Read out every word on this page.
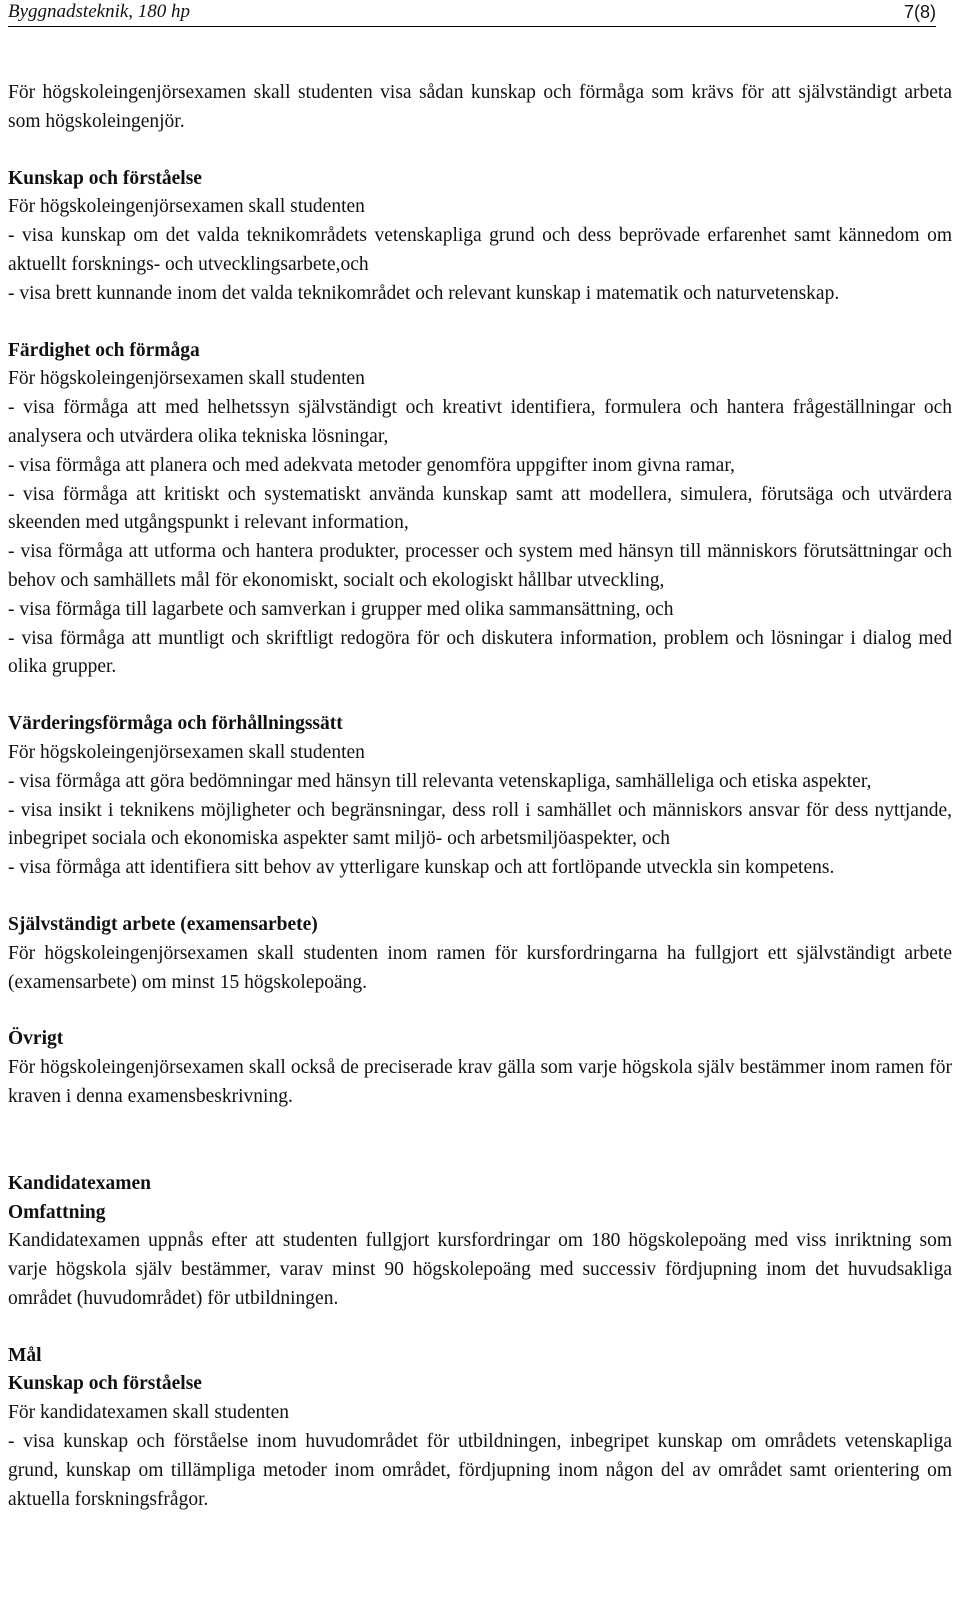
Byggnadsteknik, 180 hp	7(8)

För högskoleingenjörsexamen skall studenten visa sådan kunskap och förmåga som krävs för att självständigt arbeta som högskoleingenjör.

Kunskap och förståelse

För högskoleingenjörsexamen skall studenten

- visa kunskap om det valda teknikområdets vetenskapliga grund och dess beprövade erfarenhet samt kännedom om aktuellt forsknings- och utvecklingsarbete,och

- visa brett kunnande inom det valda teknikområdet och relevant kunskap i matematik och naturvetenskap.

Färdighet och förmåga

För högskoleingenjörsexamen skall studenten

- visa förmåga att med helhetssyn självständigt och kreativt identifiera, formulera och hantera frågeställningar och analysera och utvärdera olika tekniska lösningar,

- visa förmåga att planera och med adekvata metoder genomföra uppgifter inom givna ramar,

- visa förmåga att kritiskt och systematiskt använda kunskap samt att modellera, simulera, förutsäga och utvärdera skeenden med utgångspunkt i relevant information,

- visa förmåga att utforma och hantera produkter, processer och system med hänsyn till människors förutsättningar och behov och samhällets mål för ekonomiskt, socialt och ekologiskt hållbar utveckling,

- visa förmåga till lagarbete och samverkan i grupper med olika sammansättning, och

- visa förmåga att muntligt och skriftligt redogöra för och diskutera information, problem och lösningar i dialog med olika grupper.

Värderingsförmåga och förhållningssätt

För högskoleingenjörsexamen skall studenten

- visa förmåga att göra bedömningar med hänsyn till relevanta vetenskapliga, samhälleliga och etiska aspekter,

- visa insikt i teknikens möjligheter och begränsningar, dess roll i samhället och människors ansvar för dess nyttjande, inbegripet sociala och ekonomiska aspekter samt miljö- och arbetsmiljöaspekter, och

- visa förmåga att identifiera sitt behov av ytterligare kunskap och att fortlöpande utveckla sin kompetens.

Självständigt arbete (examensarbete)

För högskoleingenjörsexamen skall studenten inom ramen för kursfordringarna ha fullgjort ett självständigt arbete (examensarbete) om minst 15 högskolepoäng.

Övrigt

För högskoleingenjörsexamen skall också de preciserade krav gälla som varje högskola själv bestämmer inom ramen för kraven i denna examensbeskrivning.

Kandidatexamen

Omfattning

Kandidatexamen uppnås efter att studenten fullgjort kursfordringar om 180 högskolepoäng med viss inriktning som varje högskola själv bestämmer, varav minst 90 högskolepoäng med successiv fördjupning inom det huvudsakliga området (huvudområdet) för utbildningen.

Mål

Kunskap och förståelse

För kandidatexamen skall studenten

- visa kunskap och förståelse inom huvudområdet för utbildningen, inbegripet kunskap om områdets vetenskapliga grund, kunskap om tillämpliga metoder inom området, fördjupning inom någon del av området samt orientering om aktuella forskningsfrågor.
